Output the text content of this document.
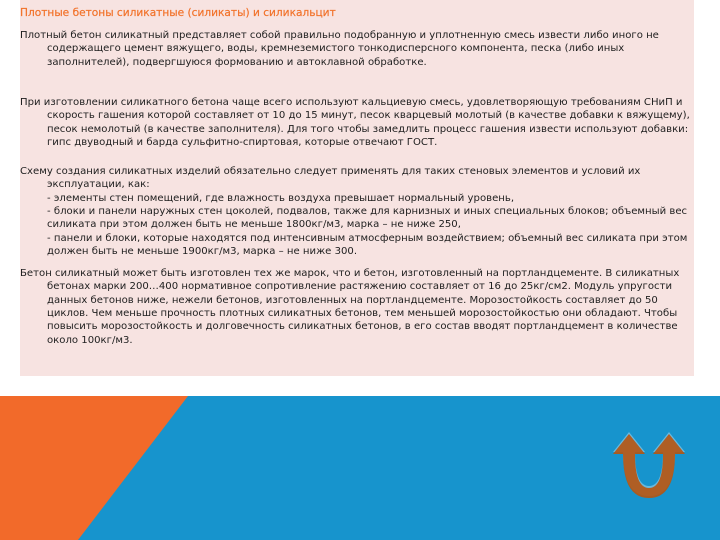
Плотные бетоны силикатные (силикаты) и силикальцит

Плотный бетон силикатный представляет собой правильно подобранную и уплотненную смесь извести либо иного не содержащего цемент вяжущего, воды, кремнеземистого тонкодисперсного компонента, песка (либо иных заполнителей), подвергшуюся формованию и автоклавной обработке.

При изготовлении силикатного бетона чаще всего используют кальциевую смесь, удовлетворяющую требованиям СНиП и скорость гашения которой составляет от 10 до 15 минут, песок кварцевый молотый (в качестве добавки к вяжущему), песок немолотый (в качестве заполнителя). Для того чтобы замедлить процесс гашения извести используют добавки: гипс двуводный и барда сульфитно-спиртовая, которые отвечают ГОСТ.

Схему создания силикатных изделий обязательно следует применять для таких стеновых элементов и условий их эксплуатации, как:
- элементы стен помещений, где влажность воздуха превышает нормальный уровень,
- блоки и панели наружных стен цоколей, подвалов, также для карнизных и иных специальных блоков; объемный вес силиката при этом должен быть не меньше 1800кг/м3, марка – не ниже 250,
- панели и блоки, которые находятся под интенсивным атмосферным воздействием; объемный вес силиката при этом должен быть не меньше 1900кг/м3, марка – не ниже 300.

Бетон силикатный может быть изготовлен тех же марок, что и бетон, изготовленный на портландцементе. В силикатных бетонах марки 200…400 нормативное сопротивление растяжению составляет от 16 до 25кг/см2. Модуль упругости данных бетонов ниже, нежели бетонов, изготовленных на портландцементе. Морозостойкость составляет до 50 циклов. Чем меньше прочность плотных силикатных бетонов, тем меньшей морозостойкостью они обладают. Чтобы повысить морозостойкость и долговечность силикатных бетонов, в его состав вводят портландцемент в количестве около 100кг/м3.
